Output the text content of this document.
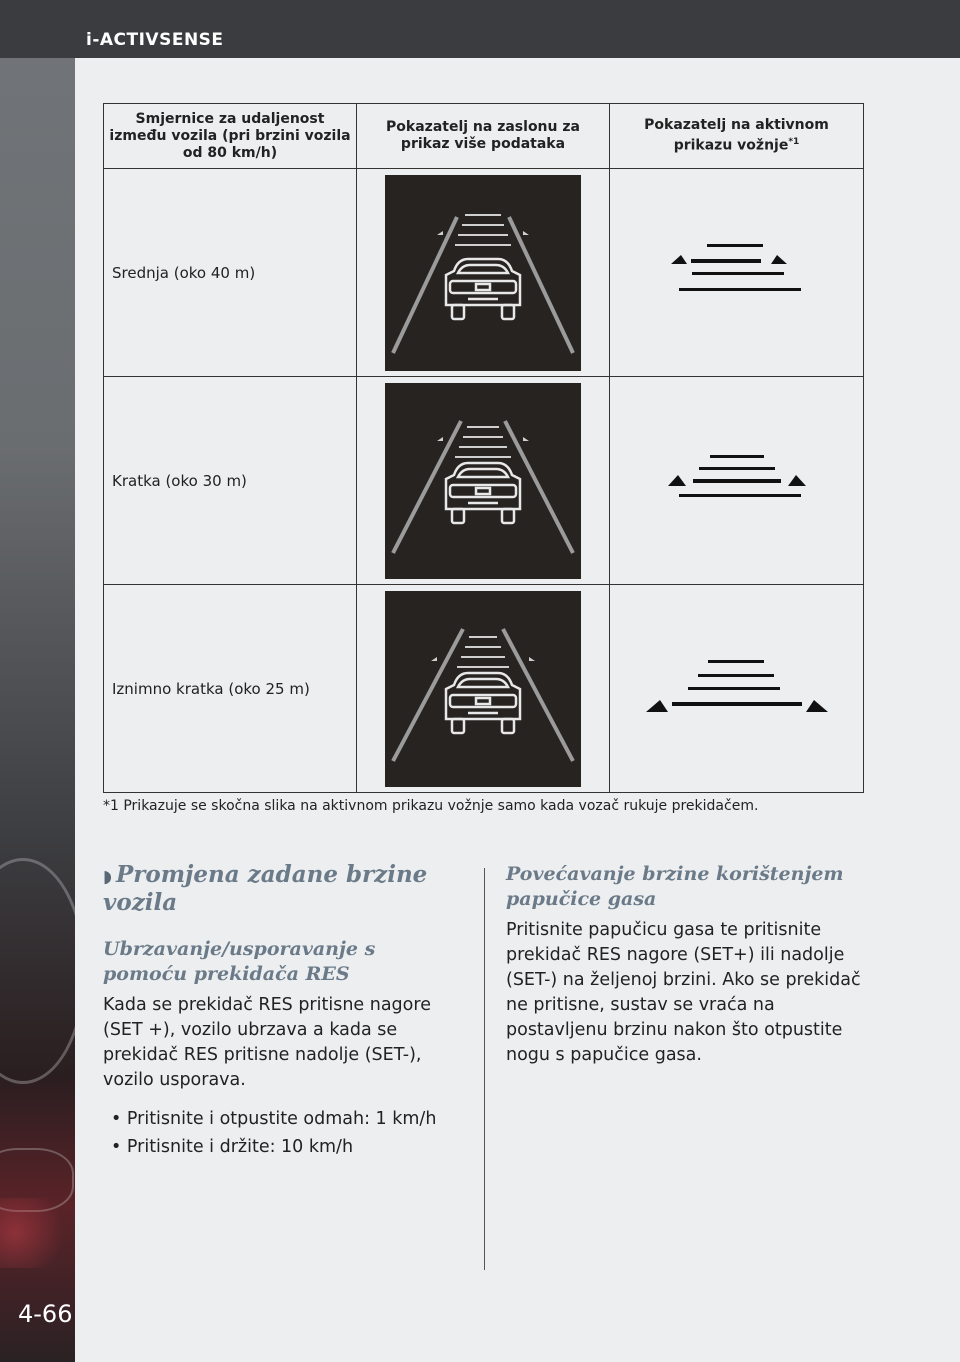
i-ACTIVSENSE
4-66
Smjernice za udaljenost između vozila (pri brzini vozila od 80 km/h)	Pokazatelj na zaslonu za prikaz više podataka	Pokazatelj na aktivnom prikazu vožnje$^{*1}$
Srednja (oko 40 m)	

Kratka (oko 30 m)	

Iznimno kratka (oko 25 m)	

*1 Prikazuje se skočna slika na aktivnom prikazu vožnje samo kada vozač rukuje prekidačem.
◗ Promjena zadane brzine vozila
Ubrzavanje/usporavanje s pomoću prekidača RES

Kada se prekidač RES pritisne nagore (SET +), vozilo ubrzava a kada se prekidač RES pritisne nadolje (SET-), vozilo usporava.

• Pritisnite i otpustite odmah: 1 km/h
• Pritisnite i držite: 10 km/h
Povećavanje brzine korištenjem papučice gasa

Pritisnite papučicu gasa te pritisnite prekidač RES nagore (SET+) ili nadolje (SET-) na željenoj brzini. Ako se prekidač ne pritisne, sustav se vraća na postavljenu brzinu nakon što otpustite nogu s papučice gasa.
